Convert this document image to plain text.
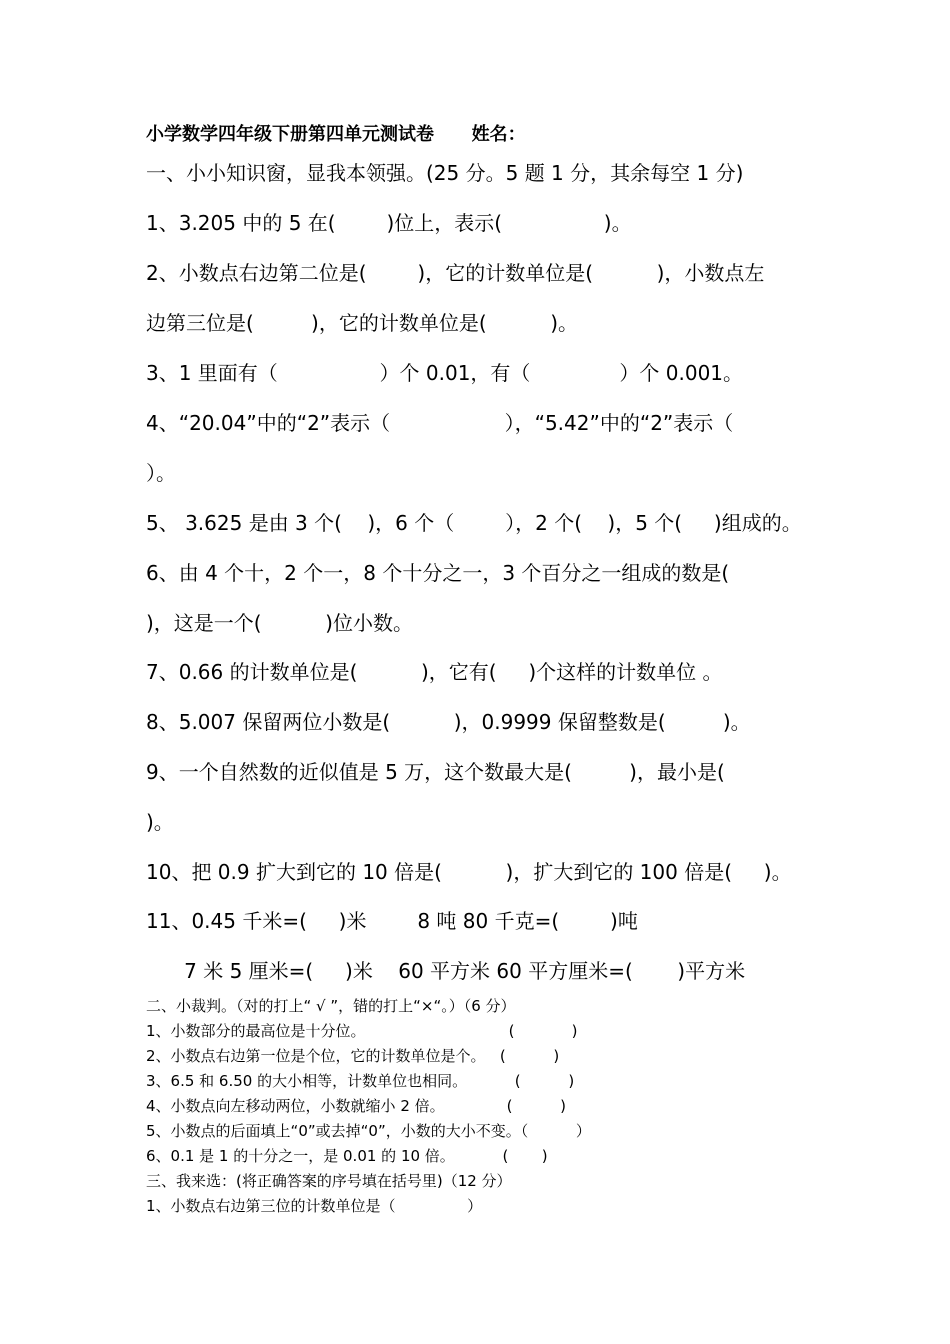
小学数学四年级下册第四单元测试卷      姓名：
一、小小知识窗，显我本领强。(25 分。5 题 1 分，其余每空 1 分)
1、3.205 中的 5 在(        )位上，表示(                )。
2、小数点右边第二位是(        )，它的计数单位是(          )，小数点左
边第三位是(         )，它的计数单位是(          )。
3、1 里面有（                ）个 0.01，有（              ）个 0.001。
4、“20.04”中的“2”表示（                  ），“5.42”中的“2”表示（
）。
5、 3.625 是由 3 个(    )，6 个（        ），2 个(    )，5 个(     )组成的。
6、由 4 个十，2 个一，8 个十分之一，3 个百分之一组成的数是(
)，这是一个(          )位小数。
7、0.66 的计数单位是(          )，它有(     )个这样的计数单位 。
8、5.007 保留两位小数是(          )，0.9999 保留整数是(         )。
9、一个自然数的近似值是 5 万，这个数最大是(         )，最小是(
)。
10、把 0.9 扩大到它的 10 倍是(          )，扩大到它的 100 倍是(     )。
11、0.45 千米=(     )米        8 吨 80 千克=(        )吨
7 米 5 厘米=(     )米    60 平方米 60 平方厘米=(       )平方米
二、小裁判。（对的打上“ √ ”，错的打上“×“。）（6 分）
1、小数部分的最高位是十分位。                              (            )
2、小数点右边第一位是个位，它的计数单位是个。   (          )
3、6.5 和 6.50 的大小相等，计数单位也相同。          (          )
4、小数点向左移动两位，小数就缩小 2 倍。             (          )
5、小数点的后面填上“0”或去掉“0”，小数的大小不变。（          ）
6、0.1 是 1 的十分之一，是 0.01 的 10 倍。          (       )
三、我来选：(将正确答案的序号填在括号里)（12 分）
1、小数点右边第三位的计数单位是（               ）
